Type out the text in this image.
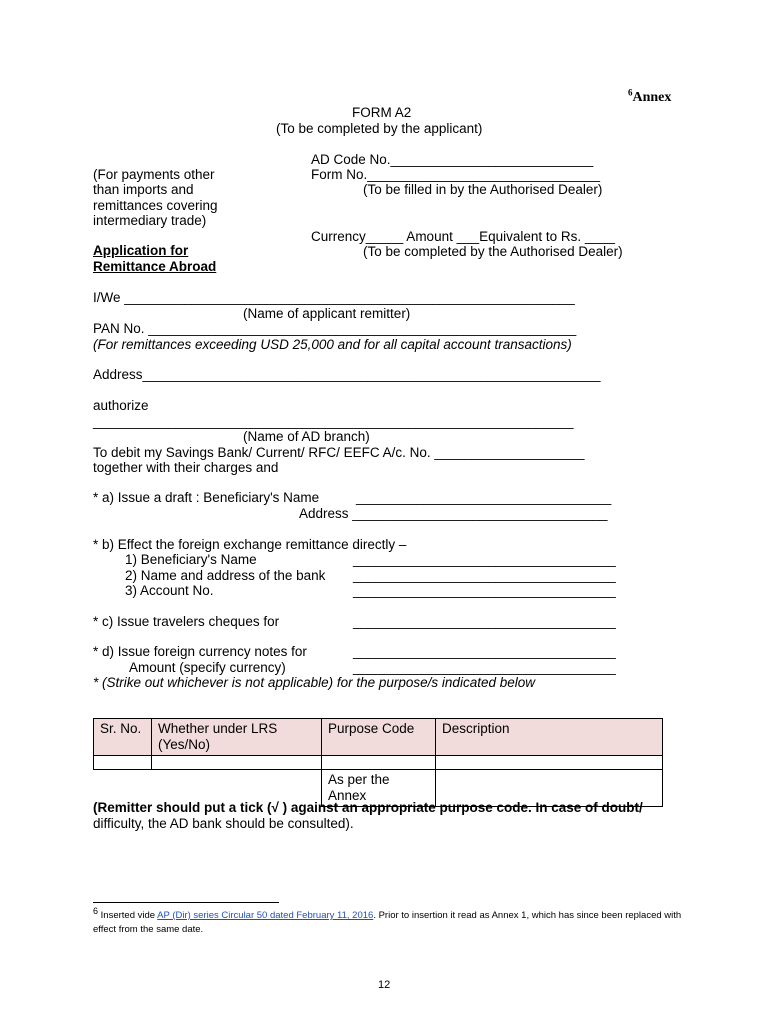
$^6$Annex
FORM A2
(To be completed by the applicant)
(For payments other
than imports and
remittances covering
intermediary trade)
Application for
Remittance Abroad
AD Code No.___________________________
Form No._______________________________
(To be filled in by the Authorised Dealer)
Currency_____ Amount ___Equivalent to Rs. ____
(To be completed by the Authorised Dealer)
I/We ____________________________________________________________
(Name of applicant remitter)
PAN No. _________________________________________________________
(For remittances exceeding USD 25,000 and for all capital account transactions)
Address_____________________________________________________________
authorize
________________________________________________________________
(Name of AD branch)
To debit my Savings Bank/ Current/ RFC/ EEFC A/c. No. ____________________
together with their charges and
* a) Issue a draft : Beneficiary's Name	__________________________________
Address __________________________________
* b) Effect the foreign exchange remittance directly –
1) Beneficiary's Name	___________________________________
2) Name and address of the bank ___________________________________
3) Account No.	___________________________________
* c) Issue travelers cheques for	___________________________________
* d) Issue foreign currency notes for	___________________________________
Amount (specify currency)	___________________________________
* (Strike out whichever is not applicable) for the purpose/s indicated below
Sr. No.	Whether under LRS (Yes/No)	Purpose Code	Description

		As per the Annex	
(Remitter should put a tick (√ ) against an appropriate purpose code. In case of doubt/
difficulty, the AD bank should be consulted).
$^6$ Inserted vide AP (Dir) series Circular 50 dated February 11, 2016. Prior to insertion it read as Annex 1, which has since been replaced with effect from the same date.
12
